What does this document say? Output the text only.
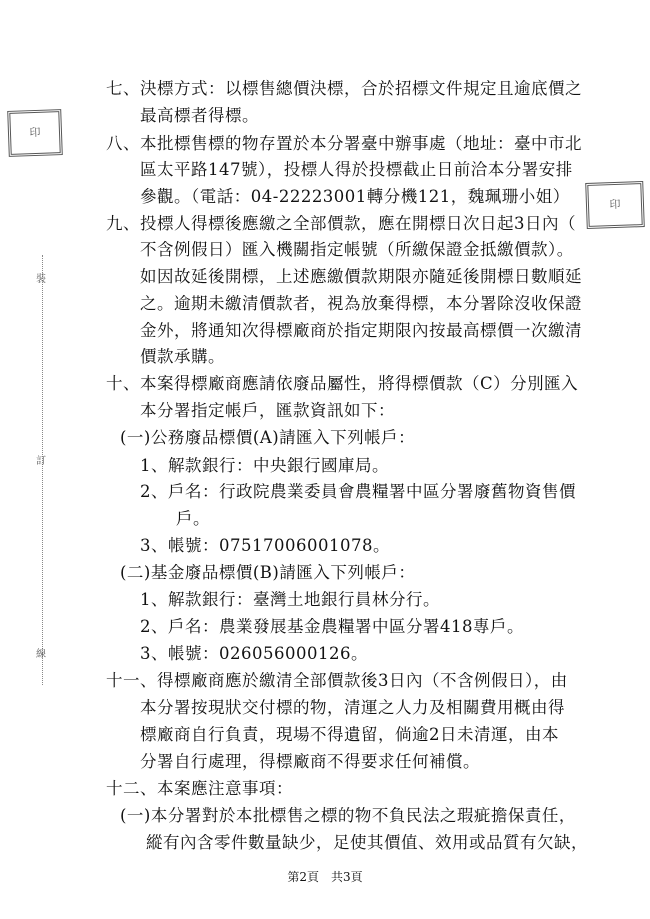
印
印
裝
訂
線
七、決標方式：以標售總價決標，合於招標文件規定且逾底價之
最高標者得標。
八、本批標售標的物存置於本分署臺中辦事處（地址：臺中市北
區太平路147號），投標人得於投標截止日前洽本分署安排
參觀。（電話：04-22223001轉分機121，魏珮珊小姐）
九、投標人得標後應繳之全部價款，應在開標日次日起3日內（
不含例假日）匯入機關指定帳號（所繳保證金抵繳價款）。
如因故延後開標，上述應繳價款期限亦隨延後開標日數順延
之。逾期未繳清價款者，視為放棄得標，本分署除沒收保證
金外，將通知次得標廠商於指定期限內按最高標價一次繳清
價款承購。
十、本案得標廠商應請依廢品屬性，將得標價款（C）分別匯入
本分署指定帳戶，匯款資訊如下：
(一)公務廢品標價(A)請匯入下列帳戶：
1、解款銀行：中央銀行國庫局。
2、戶名：行政院農業委員會農糧署中區分署廢舊物資售價
戶。
3、帳號：07517006001078。
(二)基金廢品標價(B)請匯入下列帳戶：
1、解款銀行：臺灣土地銀行員林分行。
2、戶名：農業發展基金農糧署中區分署418專戶。
3、帳號：026056000126。
十一、得標廠商應於繳清全部價款後3日內（不含例假日），由
本分署按現狀交付標的物，清運之人力及相關費用概由得
標廠商自行負責，現場不得遺留，倘逾2日未清運，由本
分署自行處理，得標廠商不得要求任何補償。
十二、本案應注意事項：
(一)本分署對於本批標售之標的物不負民法之瑕疵擔保責任，
縱有內含零件數量缺少，足使其價值、效用或品質有欠缺，
第2頁　共3頁
